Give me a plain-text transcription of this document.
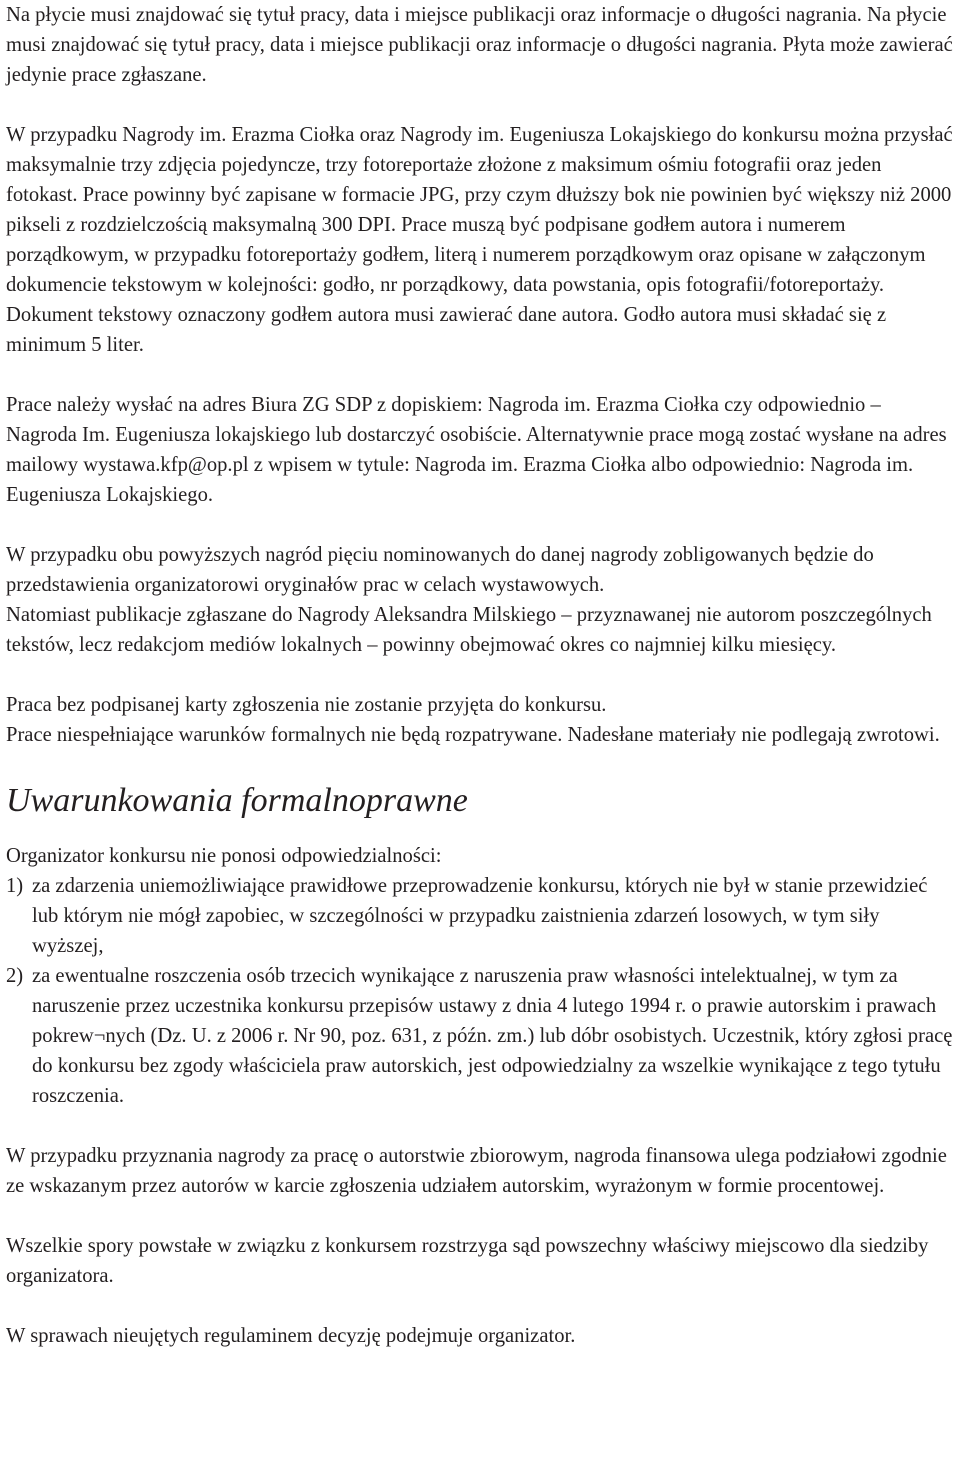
Na płycie musi znajdować się tytuł pracy, data i miejsce publikacji oraz informacje o długości nagrania. Na płycie musi znajdować się tytuł pracy, data i miejsce publikacji oraz informacje o długości nagrania. Płyta może zawierać jedynie prace zgłaszane.

W przypadku Nagrody im. Erazma Ciołka oraz Nagrody im. Eugeniusza Lokajskiego do konkursu można przysłać maksymalnie trzy zdjęcia pojedyncze, trzy fotoreportaże złożone z maksimum ośmiu fotografii oraz jeden fotokast. Prace powinny być zapisane w formacie JPG, przy czym dłuższy bok nie powinien być większy niż 2000 pikseli z rozdzielczością maksymalną 300 DPI. Prace muszą być podpisane godłem autora i numerem porządkowym, w przypadku fotoreportaży godłem, literą i numerem porządkowym oraz opisane w załączonym dokumencie tekstowym w kolejności: godło, nr porządkowy, data powstania, opis fotografii/fotoreportaży. Dokument tekstowy oznaczony godłem autora musi zawierać dane autora. Godło autora musi składać się z minimum 5 liter.

Prace należy wysłać na adres Biura ZG SDP z dopiskiem: Nagroda im. Erazma Ciołka czy odpowiednio – Nagroda Im. Eugeniusza lokajskiego lub dostarczyć osobiście. Alternatywnie prace mogą zostać wysłane na adres mailowy wystawa.kfp@op.pl z wpisem w tytule: Nagroda im. Erazma Ciołka albo odpowiednio: Nagroda im. Eugeniusza Lokajskiego.

W przypadku obu powyższych nagród pięciu nominowanych do danej nagrody zobligowanych będzie do przedstawienia organizatorowi oryginałów prac w celach wystawowych.

Natomiast publikacje zgłaszane do Nagrody Aleksandra Milskiego – przyznawanej nie autorom poszczególnych tekstów, lecz redakcjom mediów lokalnych – powinny obejmować okres co najmniej kilku miesięcy.

Praca bez podpisanej karty zgłoszenia nie zostanie przyjęta do konkursu.

Prace niespełniające warunków formalnych nie będą rozpatrywane. Nadesłane materiały nie podlegają zwrotowi.

Uwarunkowania formalnoprawne

Organizator konkursu nie ponosi odpowiedzialności:

1) za zdarzenia uniemożliwiające prawidłowe przeprowadzenie konkursu, których nie był w stanie przewidzieć lub którym nie mógł zapobiec, w szczególności w przypadku zaistnienia zdarzeń losowych, w tym siły wyższej,
2) za ewentualne roszczenia osób trzecich wynikające z naruszenia praw własności intelektualnej, w tym za naruszenie przez uczestnika konkursu przepisów ustawy z dnia 4 lutego 1994 r. o prawie autorskim i prawach pokrew¬nych (Dz. U. z 2006 r. Nr 90, poz. 631, z późn. zm.) lub dóbr osobistych. Uczestnik, który zgłosi pracę do konkursu bez zgody właściciela praw autorskich, jest odpowiedzialny za wszelkie wynikające z tego tytułu roszczenia.

W przypadku przyznania nagrody za pracę o autorstwie zbiorowym, nagroda finansowa ulega podziałowi zgodnie ze wskazanym przez autorów w karcie zgłoszenia udziałem autorskim, wyrażonym w formie procentowej.

Wszelkie spory powstałe w związku z konkursem rozstrzyga sąd powszechny właściwy miejscowo dla siedziby organizatora.

W sprawach nieujętych regulaminem decyzję podejmuje organizator.
